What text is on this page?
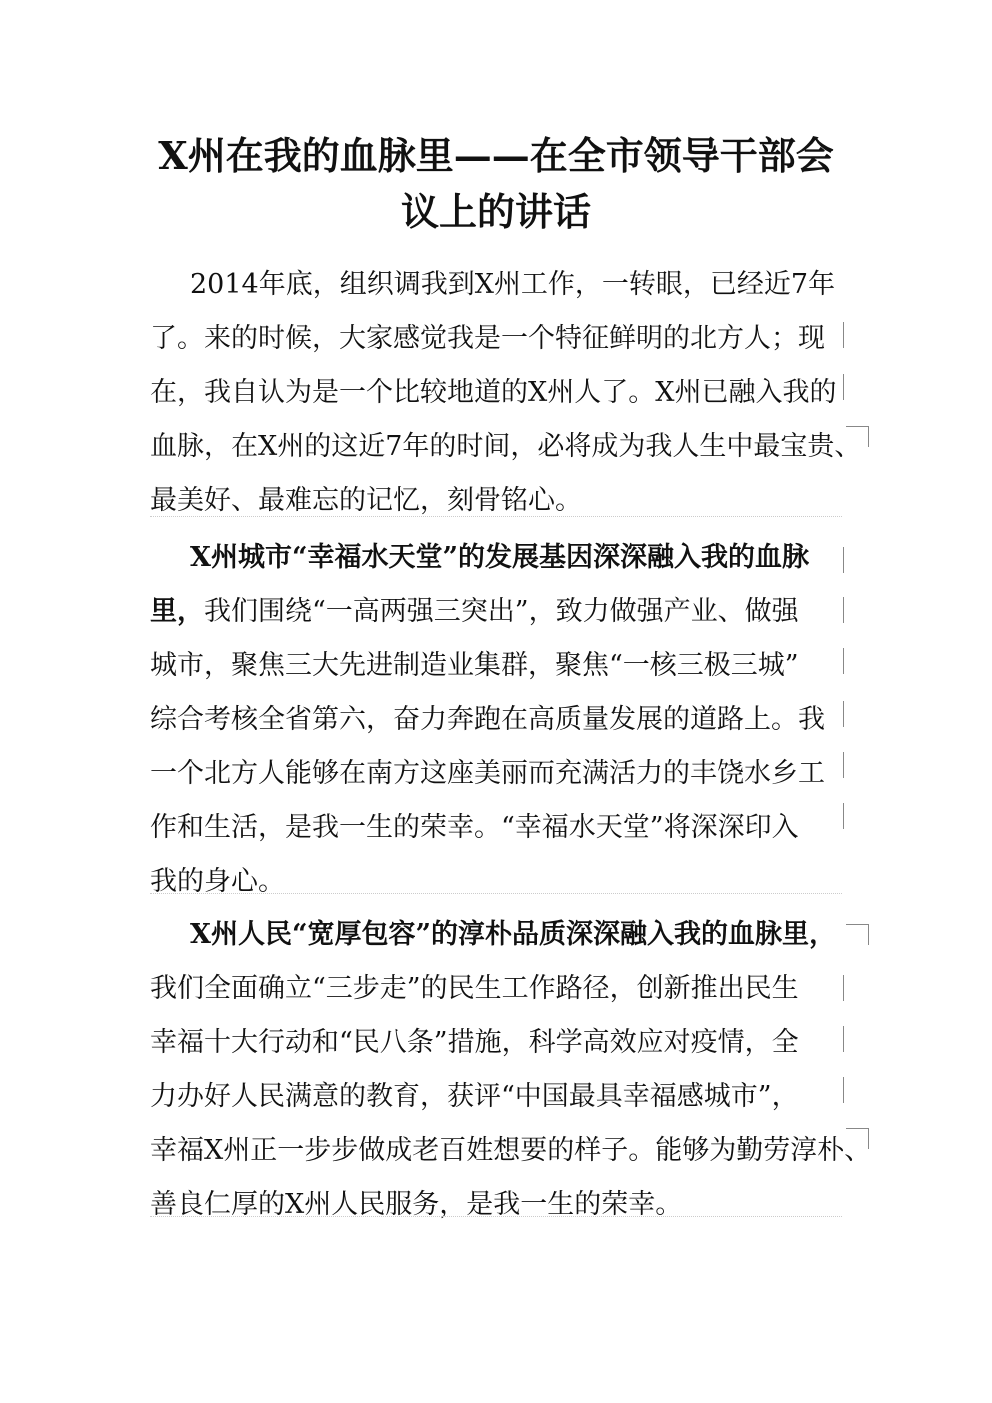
X州在我的血脉里——在全市领导干部会
议上的讲话
2014年底，组织调我到X州工作，一转眼，已经近7年
了。来的时候，大家感觉我是一个特征鲜明的北方人；现
在，我自认为是一个比较地道的X州人了。X州已融入我的
血脉，在X州的这近7年的时间，必将成为我人生中最宝贵、
最美好、最难忘的记忆，刻骨铭心。
X州城市“幸福水天堂”的发展基因深深融入我的血脉
里，我们围绕“一高两强三突出”，致力做强产业、做强
城市，聚焦三大先进制造业集群，聚焦“一核三极三城”
综合考核全省第六，奋力奔跑在高质量发展的道路上。我
一个北方人能够在南方这座美丽而充满活力的丰饶水乡工
作和生活，是我一生的荣幸。“幸福水天堂”将深深印入
我的身心。
X州人民“宽厚包容”的淳朴品质深深融入我的血脉里，
我们全面确立“三步走”的民生工作路径，创新推出民生
幸福十大行动和“民八条”措施，科学高效应对疫情，全
力办好人民满意的教育，获评“中国最具幸福感城市”，
幸福X州正一步步做成老百姓想要的样子。能够为勤劳淳朴、
善良仁厚的X州人民服务，是我一生的荣幸。
